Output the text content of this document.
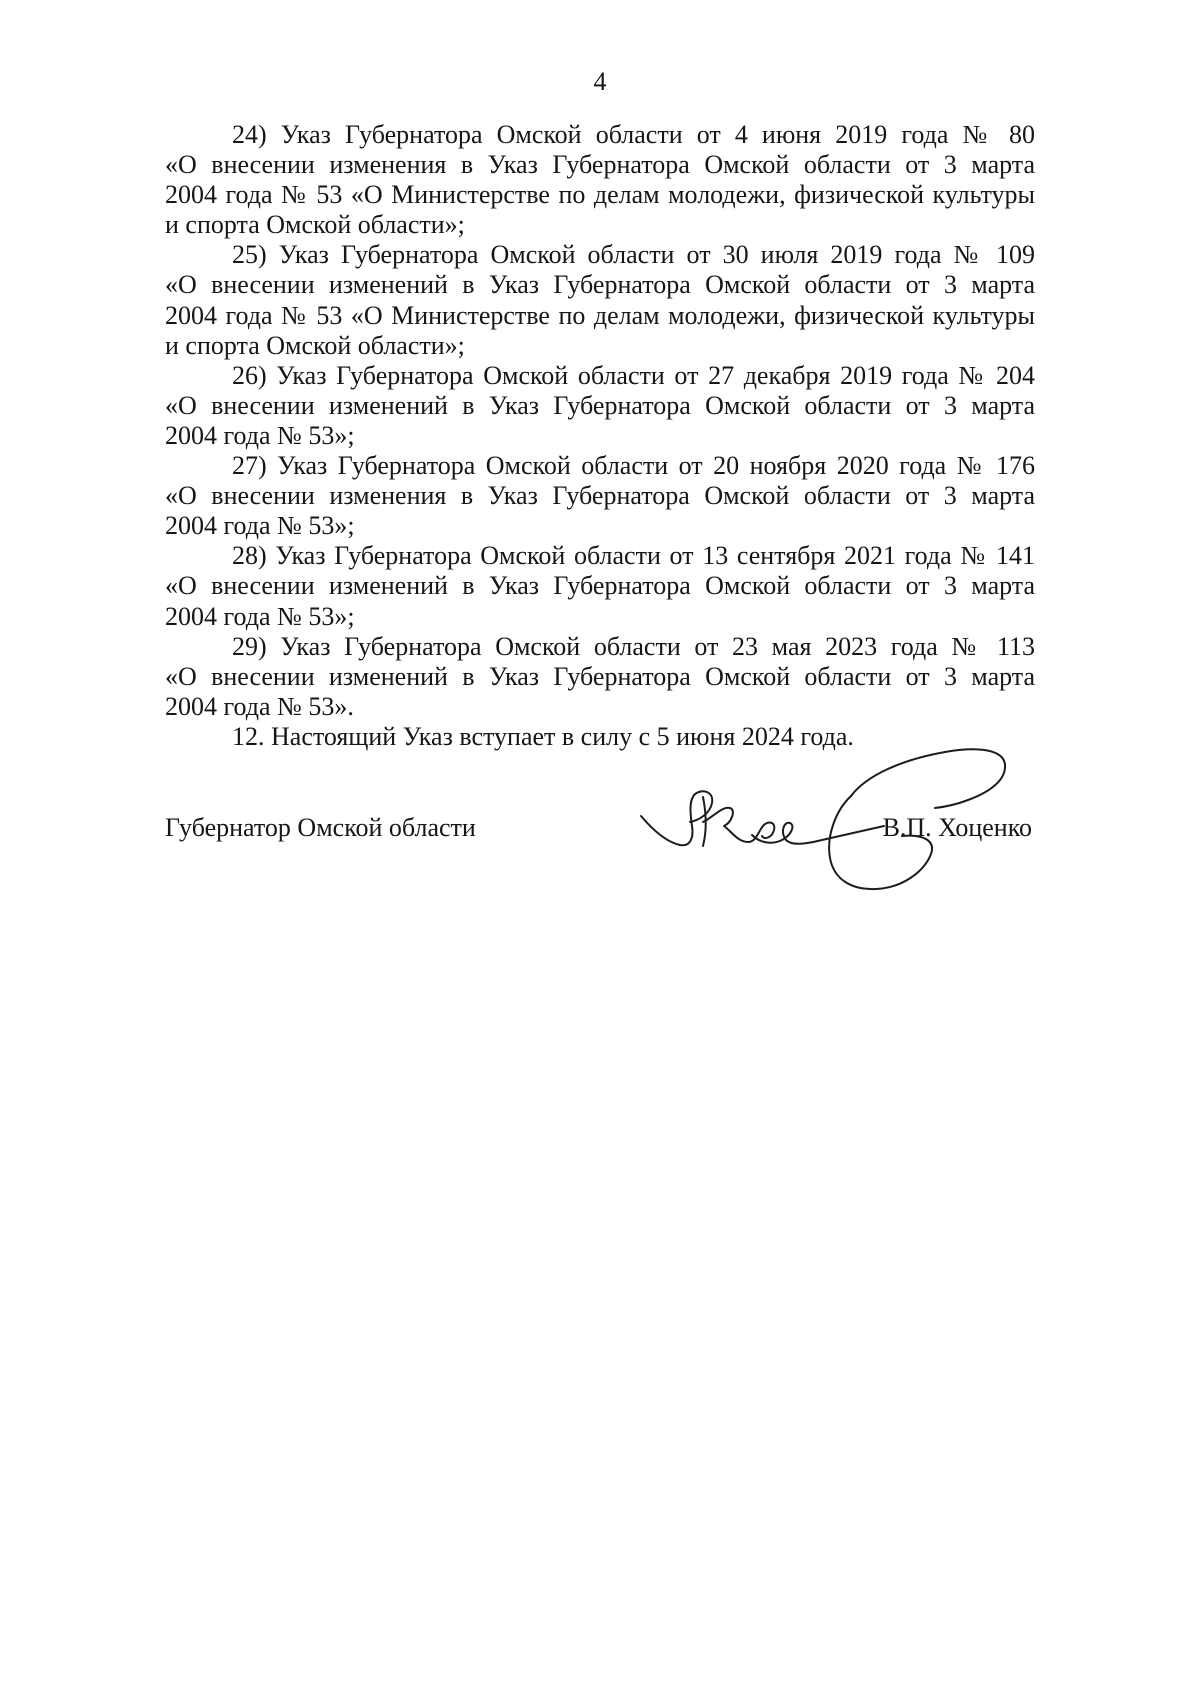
4
24) Указ Губернатора Омской области от 4 июня 2019 года № 80
«О внесении изменения в Указ Губернатора Омской области от 3 марта
2004 года № 53 «О Министерстве по делам молодежи, физической культуры
и спорта Омской области»;
25) Указ Губернатора Омской области от 30 июля 2019 года № 109
«О внесении изменений в Указ Губернатора Омской области от 3 марта
2004 года № 53 «О Министерстве по делам молодежи, физической культуры
и спорта Омской области»;
26) Указ Губернатора Омской области от 27 декабря 2019 года № 204
«О внесении изменений в Указ Губернатора Омской области от 3 марта
2004 года № 53»;
27) Указ Губернатора Омской области от 20 ноября 2020 года № 176
«О внесении изменения в Указ Губернатора Омской области от 3 марта
2004 года № 53»;
28) Указ Губернатора Омской области от 13 сентября 2021 года № 141
«О внесении изменений в Указ Губернатора Омской области от 3 марта
2004 года № 53»;
29) Указ Губернатора Омской области от 23 мая 2023 года № 113
«О внесении изменений в Указ Губернатора Омской области от 3 марта
2004 года № 53».
12. Настоящий Указ вступает в силу с 5 июня 2024 года.
Губернатор Омской области	В.П. Хоценко
